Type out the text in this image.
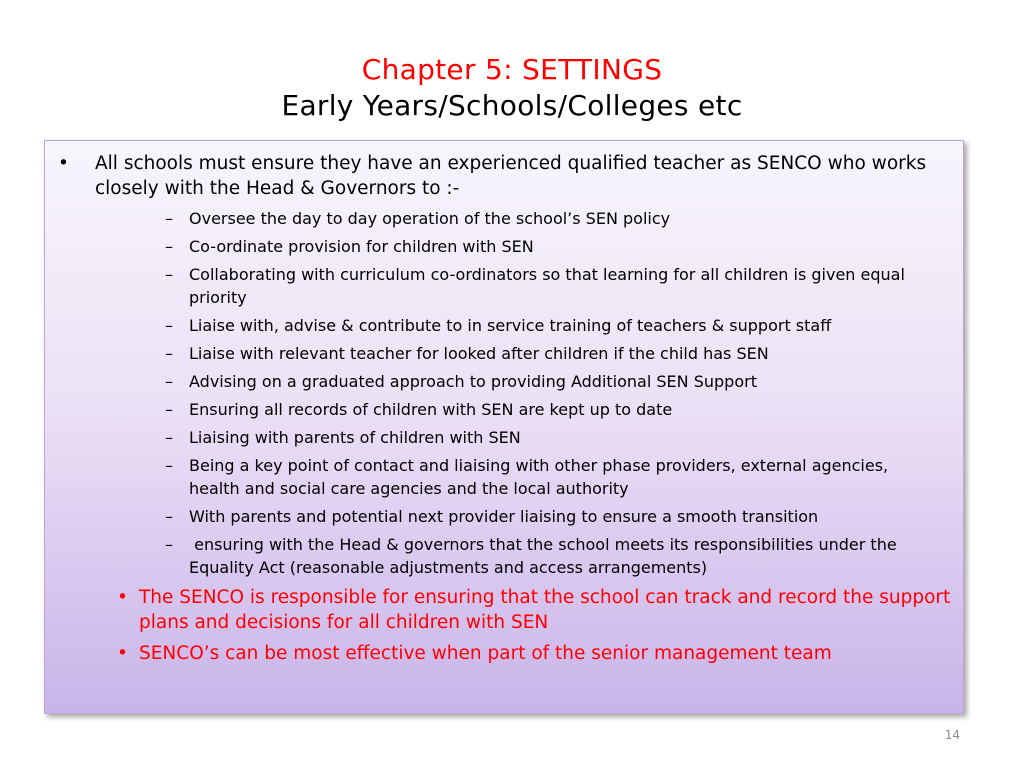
Chapter 5: SETTINGS
Early Years/Schools/Colleges etc
• All schools must ensure they have an experienced qualified teacher as SENCO who works closely with the Head & Governors to :-
– Oversee the day to day operation of the school’s SEN policy
– Co-ordinate provision for children with SEN
– Collaborating with curriculum co-ordinators so that learning for all children is given equal priority
– Liaise with, advise & contribute to in service training of teachers & support staff
– Liaise with relevant teacher for looked after children if the child has SEN
– Advising on a graduated approach to providing Additional SEN Support
– Ensuring all records of children with SEN are kept up to date
– Liaising with parents of children with SEN
– Being a key point of contact and liaising with other phase providers, external agencies, health and social care agencies and the local authority
– With parents and potential next provider liaising to ensure a smooth transition
– ensuring with the Head & governors that the school meets its responsibilities under the Equality Act (reasonable adjustments and access arrangements)
• The SENCO is responsible for ensuring that the school can track and record the support plans and decisions for all children with SEN
• SENCO’s can be most effective when part of the senior management team
14
